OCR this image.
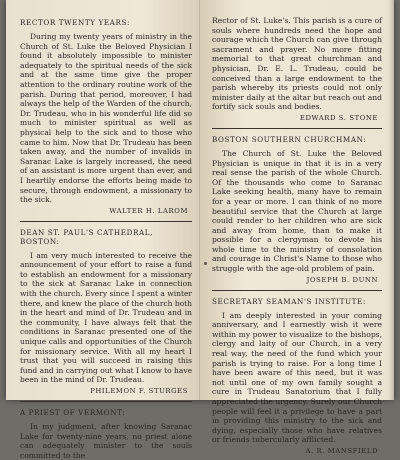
RECTOR TWENTY YEARS:

During my twenty years of ministry in the Church of St. Luke the Beloved Physician I found it absolutely impossible to minister adequately to the spiritual needs of the sick and at the same time give the proper attention to the ordinary routine work of the parish. During that period, moreover, I had always the help of the Warden of the church, Dr. Trudeau, who in his wonderful life did so much to minister spiritual as well as physical help to the sick and to those who came to him. Now that Dr. Trudeau has been taken away, and the number of invalids in Saranac Lake is largely increased, the need of an assistant is more urgent than ever, and I heartily endorse the efforts being made to secure, through endowment, a missionary to the sick.

WALTER H. LAROM
DEAN ST. PAUL'S CATHEDRAL, BOSTON:

I am very much interested to receive the announcement of your effort to raise a fund to establish an endowment for a missionary to the sick at Saranac Lake in connection with the church. Every since I spent a winter there, and knew the place of the church both in the heart and mind of Dr. Trudeau and in the community, I have always felt that the conditions in Saranac presented one of the unique calls and opportunities of the Church for missionary service. With all my heart I trust that you will succeed in raising this fund and in carrying out what I know to have been in the mind of Dr. Trudeau.

PHILEMON F. STURGES
A PRIEST OF VERMONT:

In my judgment, after knowing Saranac Lake for twenty-nine years, no priest alone can adequately minister to the souls committed to the

Rector of St. Luke's. This parish is a cure of souls where hundreds need the hope and courage which the Church can give through sacrament and prayer. No more fitting memorial to that great churchman and physician, Dr. E. L. Trudeau, could be conceived than a large endowment to the parish whereby its priests could not only minister daily at the altar but reach out and fortify sick souls and bodies.

EDWARD S. STONE
BOSTON SOUTHERN CHURCHMAN:

The Church of St. Luke the Beloved Physician is unique in that it is in a very real sense the parish of the whole Church. Of the thousands who come to Saranac Lake seeking health, many have to remain for a year or more. I can think of no more beautiful service that the Church at large could render to her children who are sick and away from home, than to make it possible for a clergyman to devote his whole time to the ministry of consolation and courage in Christ's Name to those who struggle with the age-old problem of pain.

JOSEPH B. DUNN
SECRETARY SEAMAN'S INSTITUTE:

I am deeply interested in your coming anniversary, and I earnestly wish it were within my power to visualize to the bishops, clergy and laity of our Church, in a very real way, the need of the fund which your parish is trying to raise. For a long time I have been aware of this need, but it was not until one of my own family sought a cure in Trudeau Sanatorium that I fully appreciated the urgency. Surely our Church people will feel it a privilege to have a part in providing this ministry to the sick and dying, especially those who have relatives or friends tubercularly afflicted.

A. R. MANSFIELD
